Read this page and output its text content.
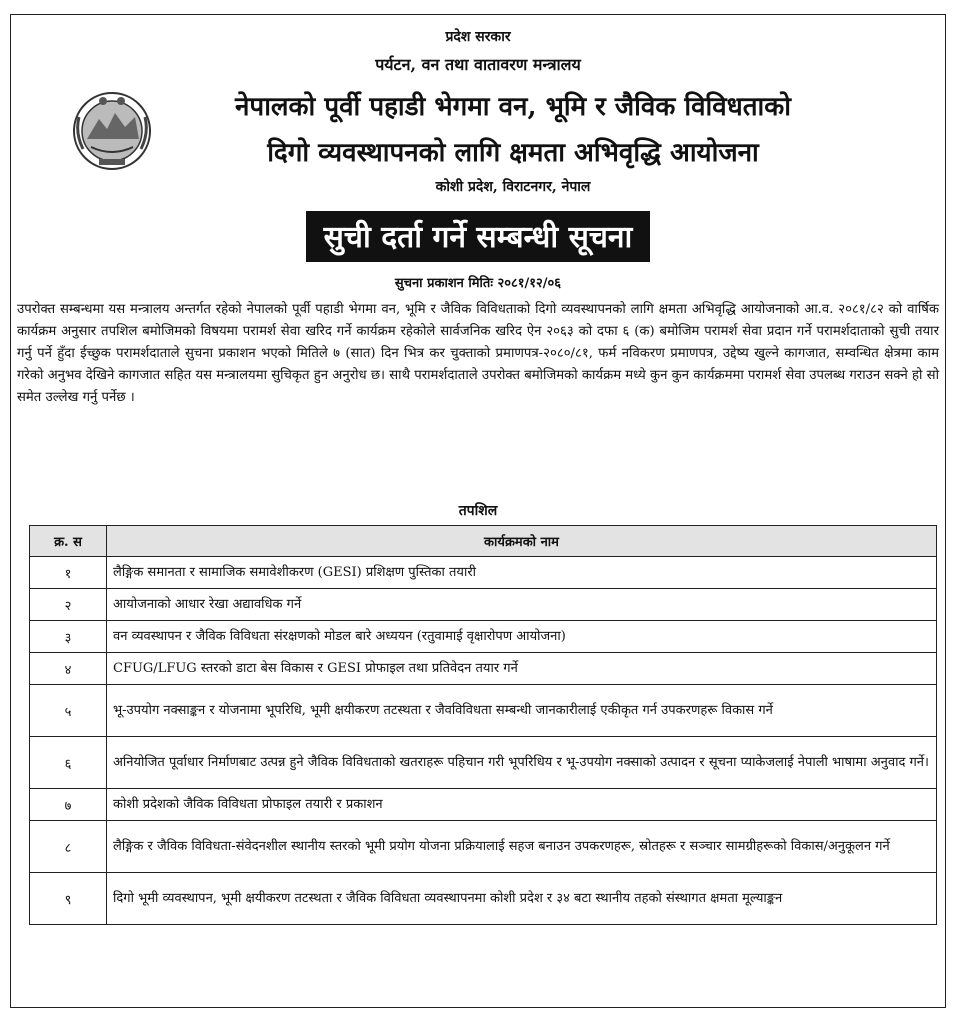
प्रदेश सरकार
पर्यटन, वन तथा वातावरण मन्त्रालय
नेपालको पूर्वी पहाडी भेगमा वन, भूमि र जैविक विविधताको
दिगो व्यवस्थापनको लागि क्षमता अभिवृद्धि आयोजना
कोशी प्रदेश, विराटनगर, नेपाल
सुची दर्ता गर्ने सम्बन्धी सूचना
सुचना प्रकाशन मितिः २०८१/१२/०६
उपरोक्त सम्बन्धमा यस मन्त्रालय अन्तर्गत रहेको नेपालको पूर्वी पहाडी भेगमा वन, भूमि र जैविक विविधताको दिगो व्यवस्थापनको लागि क्षमता अभिवृद्धि आयोजनाको आ.व. २०८१/८२ को वार्षिक कार्यक्रम अनुसार तपशिल बमोजिमको विषयमा परामर्श सेवा खरिद गर्ने कार्यक्रम रहेकोले सार्वजनिक खरिद ऐन २०६३ को दफा ६ (क) बमोजिम परामर्श सेवा प्रदान गर्ने परामर्शदाताको सुची तयार गर्नु पर्ने हुँदा ईच्छुक परामर्शदाताले सुचना प्रकाशन भएको मितिले ७ (सात) दिन भित्र कर चुक्ताको प्रमाणपत्र-२०८०/८१, फर्म नविकरण प्रमाणपत्र, उद्देष्य खुल्ने कागजात, सम्वन्धित क्षेत्रमा काम गरेको अनुभव देखिने कागजात सहित यस मन्त्रालयमा सुचिकृत हुन अनुरोध छ। साथै परामर्शदाताले उपरोक्त बमोजिमको कार्यक्रम मध्ये कुन कुन कार्यक्रममा परामर्श सेवा उपलब्ध गराउन सक्ने हो सो समेत उल्लेख गर्नु पर्नेछ ।
तपशिल
क्र. स	कार्यक्रमको नाम
१	लैङ्गिक समानता र सामाजिक समावेशीकरण (GESI) प्रशिक्षण पुस्तिका तयारी
२	आयोजनाको आधार रेखा अद्यावधिक गर्ने
३	वन व्यवस्थापन र जैविक विविधता संरक्षणको मोडल बारे अध्ययन (रतुवामाई वृक्षारोपण आयोजना)
४	CFUG/LFUG स्तरको डाटा बेस विकास र GESI प्रोफाइल तथा प्रतिवेदन तयार गर्ने
५	भू-उपयोग नक्साङ्कन र योजनामा भूपरिधि, भूमी क्षयीकरण तटस्थता र जैवविविधता सम्बन्धी जानकारीलाई एकीकृत गर्न उपकरणहरू विकास गर्ने
६	अनियोजित पूर्वाधार निर्माणबाट उत्पन्न हुने जैविक विविधताको खतराहरू पहिचान गरी भूपरिधिय र भू-उपयोग नक्साको उत्पादन र सूचना प्याकेजलाई नेपाली भाषामा अनुवाद गर्ने।
७	कोशी प्रदेशको जैविक विविधता प्रोफाइल तयारी र प्रकाशन
८	लैङ्गिक र जैविक विविधता-संवेदनशील स्थानीय स्तरको भूमी प्रयोग योजना प्रक्रियालाई सहज बनाउन उपकरणहरू, स्रोतहरू र सञ्चार सामग्रीहरूको विकास/अनुकूलन गर्ने
९	दिगो भूमी व्यवस्थापन, भूमी क्षयीकरण तटस्थता र जैविक विविधता व्यवस्थापनमा कोशी प्रदेश र ३४ बटा स्थानीय तहको संस्थागत क्षमता मूल्याङ्कन
